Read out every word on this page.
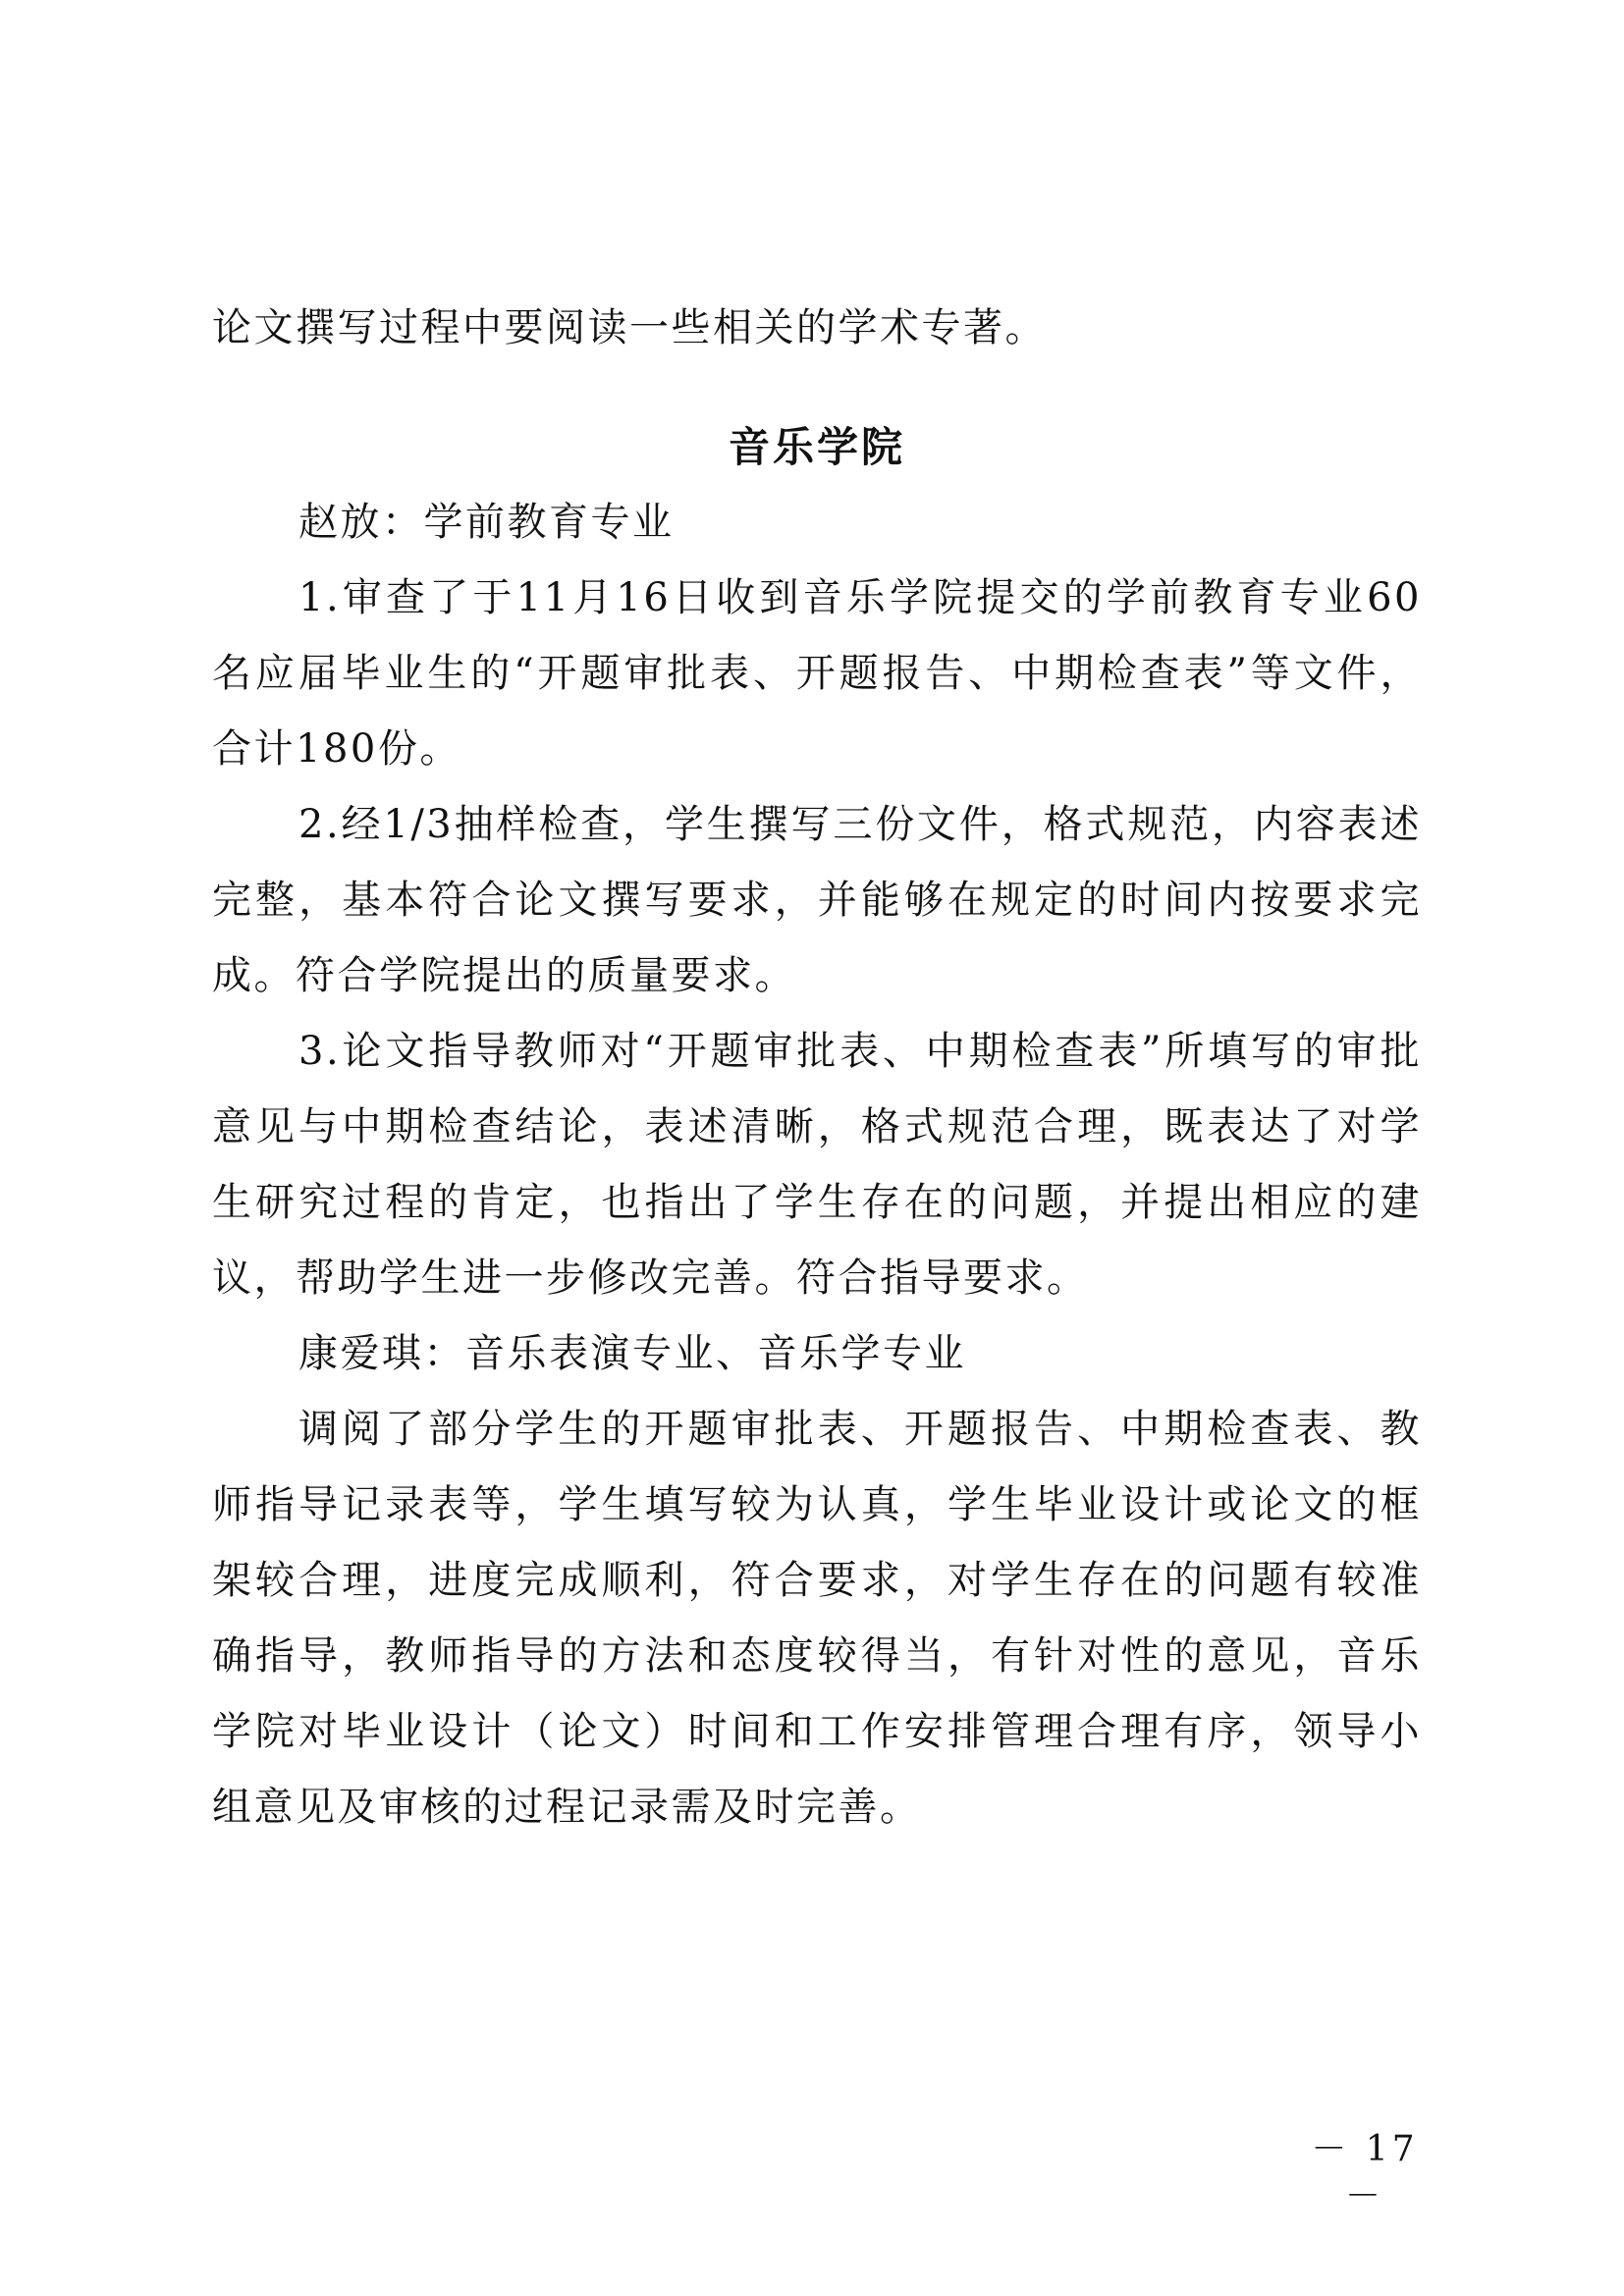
论文撰写过程中要阅读一些相关的学术专著。

音乐学院

赵放：学前教育专业

1.审查了于11月16日收到音乐学院提交的学前教育专业60名应届毕业生的“开题审批表、开题报告、中期检查表”等文件，合计180份。

2.经1/3抽样检查，学生撰写三份文件，格式规范，内容表述完整，基本符合论文撰写要求，并能够在规定的时间内按要求完成。符合学院提出的质量要求。

3.论文指导教师对“开题审批表、中期检查表”所填写的审批意见与中期检查结论，表述清晰，格式规范合理，既表达了对学生研究过程的肯定，也指出了学生存在的问题，并提出相应的建议，帮助学生进一步修改完善。符合指导要求。

康爱琪：音乐表演专业、音乐学专业

调阅了部分学生的开题审批表、开题报告、中期检查表、教师指导记录表等，学生填写较为认真，学生毕业设计或论文的框架较合理，进度完成顺利，符合要求，对学生存在的问题有较准确指导，教师指导的方法和态度较得当，有针对性的意见，音乐学院对毕业设计（论文）时间和工作安排管理合理有序，领导小组意见及审核的过程记录需及时完善。

－ 17 －
